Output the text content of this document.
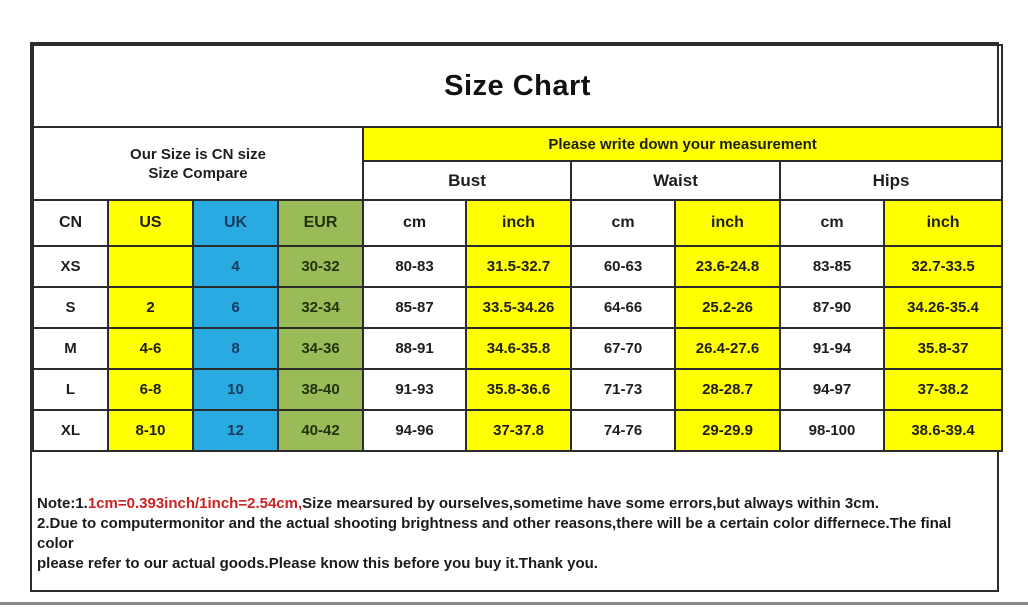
Size Chart									

Our Size is CN size
Size Compare				Please write down your measurement					
				Bust		Waist		Hips	
CN	US	UK	EUR	cm	inch	cm	inch	cm	inch
XS		4	30-32	80-83	31.5-32.7	60-63	23.6-24.8	83-85	32.7-33.5
S	2	6	32-34	85-87	33.5-34.26	64-66	25.2-26	87-90	34.26-35.4
M	4-6	8	34-36	88-91	34.6-35.8	67-70	26.4-27.6	91-94	35.8-37
L	6-8	10	38-40	91-93	35.8-36.6	71-73	28-28.7	94-97	37-38.2
XL	8-10	12	40-42	94-96	37-37.8	74-76	29-29.9	98-100	38.6-39.4
Note:1.1cm=0.393inch/1inch=2.54cm,Size mearsured by ourselves,sometime have some errors,but always within 3cm.
2.Due to computermonitor and the actual shooting brightness and other reasons,there will be a certain color differnece.The final color
please refer to our actual goods.Please know this before you buy it.Thank you.
